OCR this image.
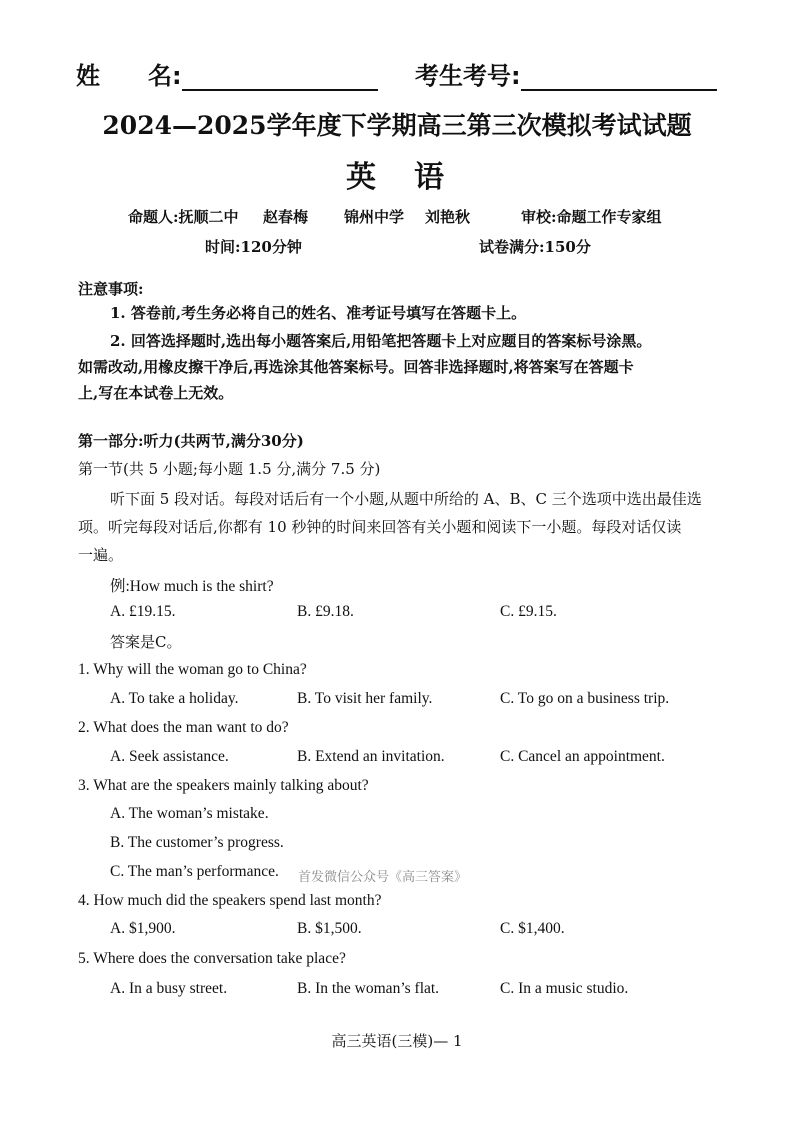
姓　　名:	考生考号:
2024—2025学年度下学期高三第三次模拟考试试题
英　语
命题人:抚顺二中 赵春梅 锦州中学 刘艳秋	审校:命题工作专家组
时间:120分钟	试卷满分:150分
注意事项:
1. 答卷前,考生务必将自己的姓名、准考证号填写在答题卡上。
2. 回答选择题时,选出每小题答案后,用铅笔把答题卡上对应题目的答案标号涂黑。
如需改动,用橡皮擦干净后,再选涂其他答案标号。回答非选择题时,将答案写在答题卡
上,写在本试卷上无效。
第一部分:听力(共两节,满分30分)
第一节(共 5 小题;每小题 1.5 分,满分 7.5 分)
听下面 5 段对话。每段对话后有一个小题,从题中所给的 A、B、C 三个选项中选出最佳选
项。听完每段对话后,你都有 10 秒钟的时间来回答有关小题和阅读下一小题。每段对话仅读
一遍。
例:How much is the shirt?
A. £19.15.	B. £9.18.	C. £9.15.
答案是C。
1. Why will the woman go to China?
A. To take a holiday.	B. To visit her family.	C. To go on a business trip.
2. What does the man want to do?
A. Seek assistance.	B. Extend an invitation.	C. Cancel an appointment.
3. What are the speakers mainly talking about?
A. The woman’s mistake.
B. The customer’s progress.
C. The man’s performance. 首发微信公众号《高三答案》
4. How much did the speakers spend last month?
A. $1,900.	B. $1,500.	C. $1,400.
5. Where does the conversation take place?
A. In a busy street.	B. In the woman’s flat.	C. In a music studio.
高三英语(三模)— 1
